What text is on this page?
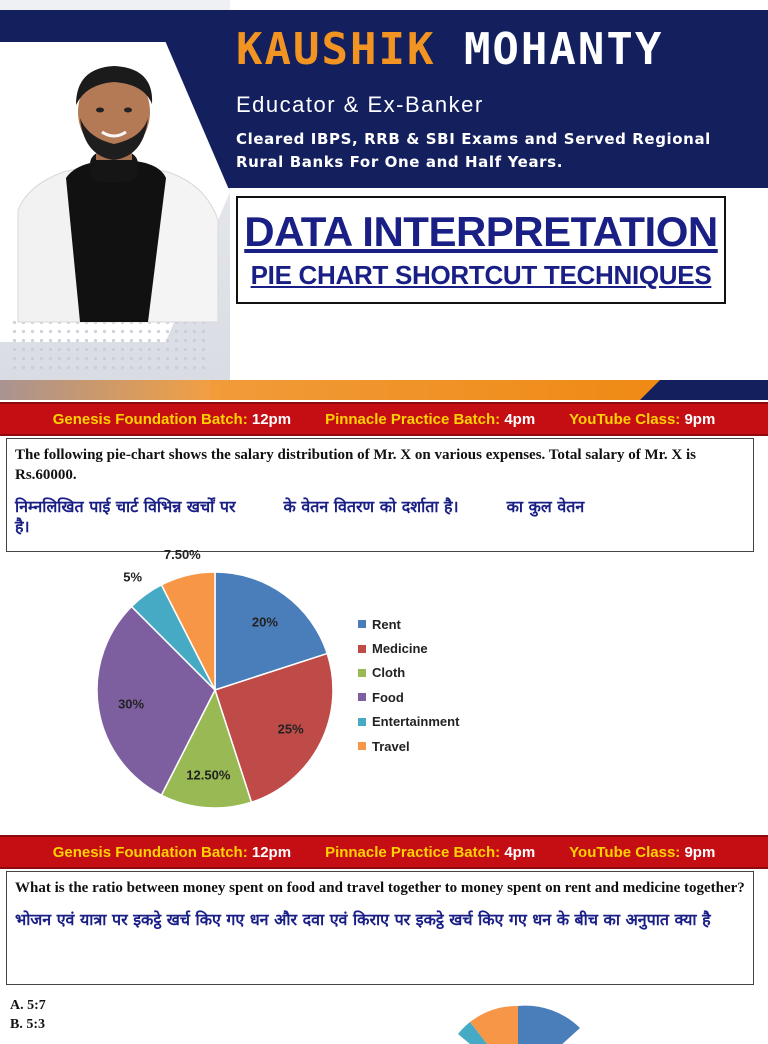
KAUSHIK MOHANTY
Educator & Ex-Banker
Cleared IBPS, RRB & SBI Exams and Served Regional
Rural Banks For One and Half Years.
DATA INTERPRETATION
PIE CHART SHORTCUT TECHNIQUES
Genesis Foundation Batch: 12pm Pinnacle Practice Batch: 4pm YouTube Class: 9pm
The following pie-chart shows the salary distribution of Mr. X on various expenses. Total salary of Mr. X is Rs.60000.
निम्नलिखित पाई चार्ट विभिन्न खर्चों पर	के वेतन वितरण को दर्शाता है।	का कुल वेतन
है।
20%
25%
12.50%
30%
5%
7.50%
Rent
Medicine
Cloth
Food
Entertainment
Travel
Genesis Foundation Batch: 12pm Pinnacle Practice Batch: 4pm YouTube Class: 9pm
What is the ratio between money spent on food and travel together to money spent on rent and medicine together?
भोजन एवं यात्रा पर इकट्ठे खर्च किए गए धन और दवा एवं किराए पर इकट्ठे खर्च किए गए धन के बीच का अनुपात क्या है
A. 5:7
B. 5:3
